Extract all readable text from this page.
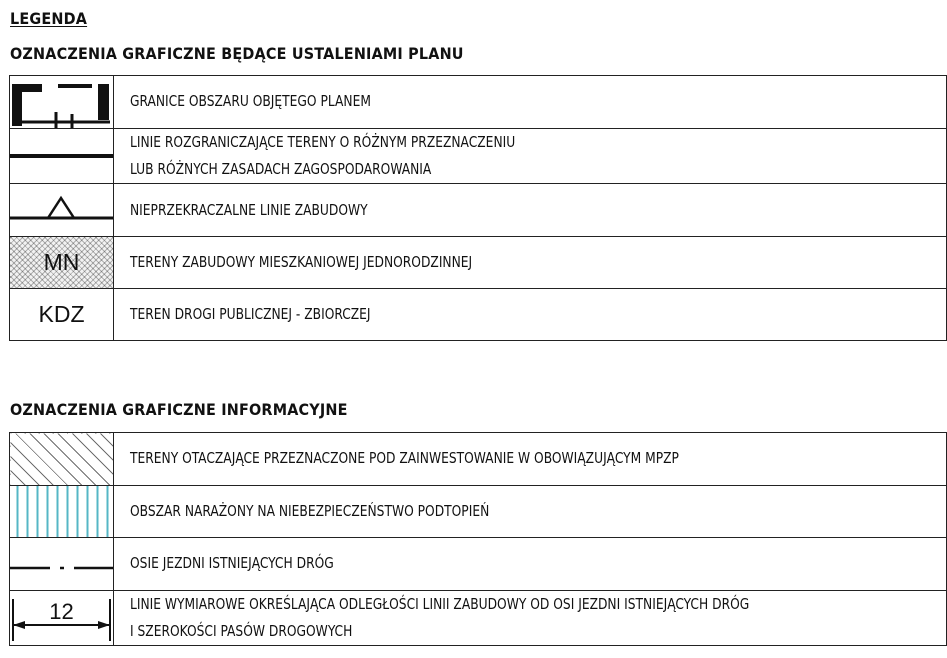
LEGENDA
OZNACZENIA GRAFICZNE BĘDĄCE USTALENIAMI PLANU

GRANICE OBSZARU OBJĘTEGO PLANEM

LINIE ROZGRANICZAJĄCE TERENY O RÓŻNYM PRZEZNACZENIU
LUB RÓŻNYCH ZASADACH ZAGOSPODAROWANIA

NIEPRZEKRACZALNE LINIE ZABUDOWY

MN	TERENY ZABUDOWY MIESZKANIOWEJ JEDNORODZINNEJ

KDZ	TEREN DROGI PUBLICZNEJ - ZBIORCZEJ
OZNACZENIA GRAFICZNE INFORMACYJNE

	TERENY OTACZAJĄCE PRZEZNACZONE POD ZAINWESTOWANIE W OBOWIĄZUJĄCYM MPZP

	OBSZAR NARAŻONY NA NIEBEZPIECZEŃSTWO PODTOPIEŃ

OSIE JEZDNI ISTNIEJĄCYCH DRÓG

12	LINIE WYMIAROWE OKREŚLAJĄCA ODLEGŁOŚCI LINII ZABUDOWY OD OSI JEZDNI ISTNIEJĄCYCH DRÓG
I SZEROKOŚCI PASÓW DROGOWYCH
